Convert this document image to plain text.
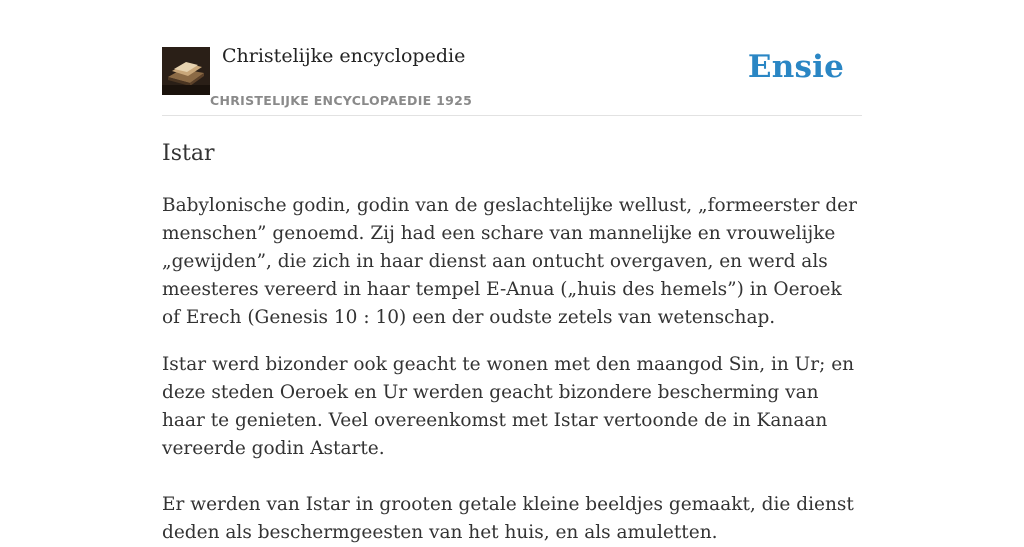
Christelijke encyclopedie
CHRISTELIJKE ENCYCLOPAEDIE 1925
Ensie
Istar

Babylonische godin, godin van de geslachtelijke wellust, „formeerster der menschen” genoemd. Zij had een schare van mannelijke en vrouwelijke „gewijden”, die zich in haar dienst aan ontucht overgaven, en werd als meesteres vereerd in haar tempel E-Anua („huis des hemels”) in Oeroek of Erech (Genesis 10 : 10) een der oudste zetels van wetenschap.

Istar werd bizonder ook geacht te wonen met den maangod Sin, in Ur; en deze steden Oeroek en Ur werden geacht bizondere bescherming van haar te genieten. Veel overeenkomst met Istar vertoonde de in Kanaan vereerde godin Astarte.

Er werden van Istar in grooten getale kleine beeldjes gemaakt, die dienst deden als beschermgeesten van het huis, en als amuletten.
